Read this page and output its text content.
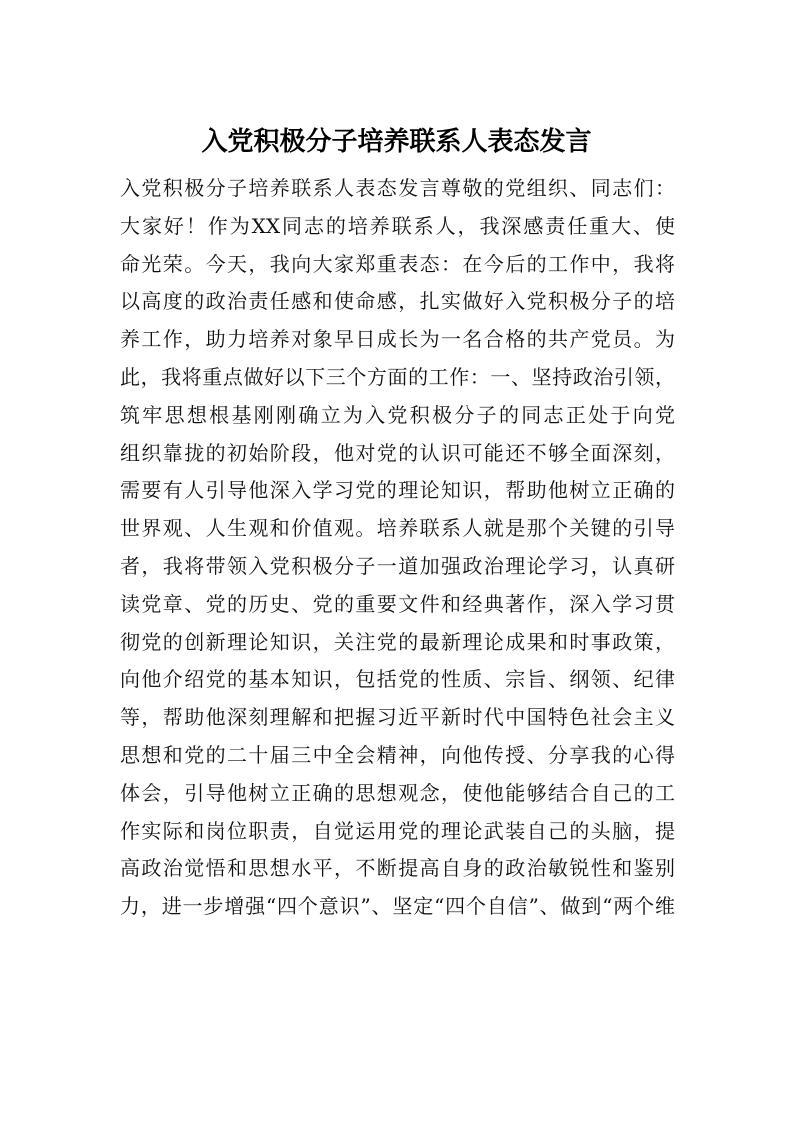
入党积极分子培养联系人表态发言
入党积极分子培养联系人表态发言尊敬的党组织、同志们：
大家好！作为XX同志的培养联系人，我深感责任重大、使
命光荣。今天，我向大家郑重表态：在今后的工作中，我将
以高度的政治责任感和使命感，扎实做好入党积极分子的培
养工作，助力培养对象早日成长为一名合格的共产党员。为
此，我将重点做好以下三个方面的工作：一、坚持政治引领，
筑牢思想根基刚刚确立为入党积极分子的同志正处于向党
组织靠拢的初始阶段，他对党的认识可能还不够全面深刻，
需要有人引导他深入学习党的理论知识，帮助他树立正确的
世界观、人生观和价值观。培养联系人就是那个关键的引导
者，我将带领入党积极分子一道加强政治理论学习，认真研
读党章、党的历史、党的重要文件和经典著作，深入学习贯
彻党的创新理论知识，关注党的最新理论成果和时事政策，
向他介绍党的基本知识，包括党的性质、宗旨、纲领、纪律
等，帮助他深刻理解和把握习近平新时代中国特色社会主义
思想和党的二十届三中全会精神，向他传授、分享我的心得
体会，引导他树立正确的思想观念，使他能够结合自己的工
作实际和岗位职责，自觉运用党的理论武装自己的头脑，提
高政治觉悟和思想水平，不断提高自身的政治敏锐性和鉴别
力，进一步增强“四个意识”、坚定“四个自信”、做到“两个维
